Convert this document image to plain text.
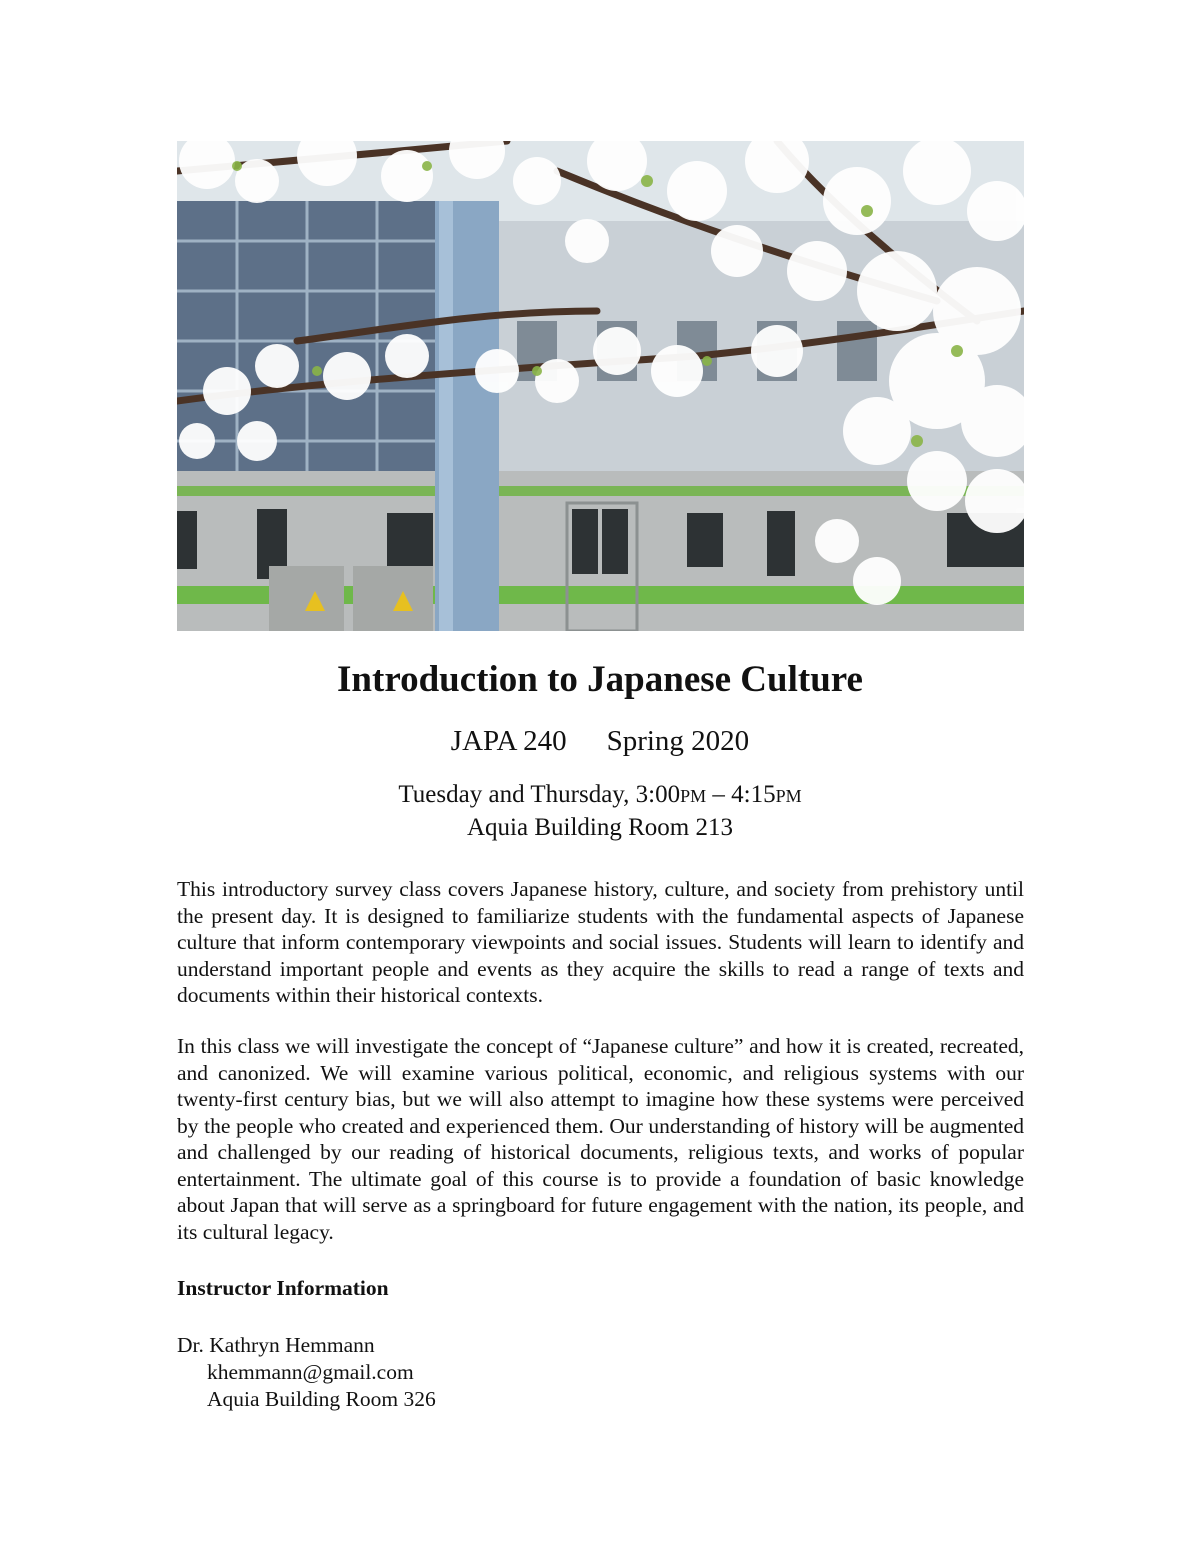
Introduction to Japanese Culture
JAPA 240 Spring 2020
Tuesday and Thursday, 3:00PM – 4:15PM
Aquia Building Room 213

This introductory survey class covers Japanese history, culture, and society from prehistory until the present day. It is designed to familiarize students with the fundamental aspects of Japanese culture that inform contemporary viewpoints and social issues. Students will learn to identify and understand important people and events as they acquire the skills to read a range of texts and documents within their historical contexts.

In this class we will investigate the concept of “Japanese culture” and how it is created, recreated, and canonized. We will examine various political, economic, and religious systems with our twenty-first century bias, but we will also attempt to imagine how these systems were perceived by the people who created and experienced them. Our understanding of history will be augmented and challenged by our reading of historical documents, religious texts, and works of popular entertainment. The ultimate goal of this course is to provide a foundation of basic knowledge about Japan that will serve as a springboard for future engagement with the nation, its people, and its cultural legacy.

Instructor Information
Dr. Kathryn Hemmann
khemmann@gmail.com
Aquia Building Room 326
